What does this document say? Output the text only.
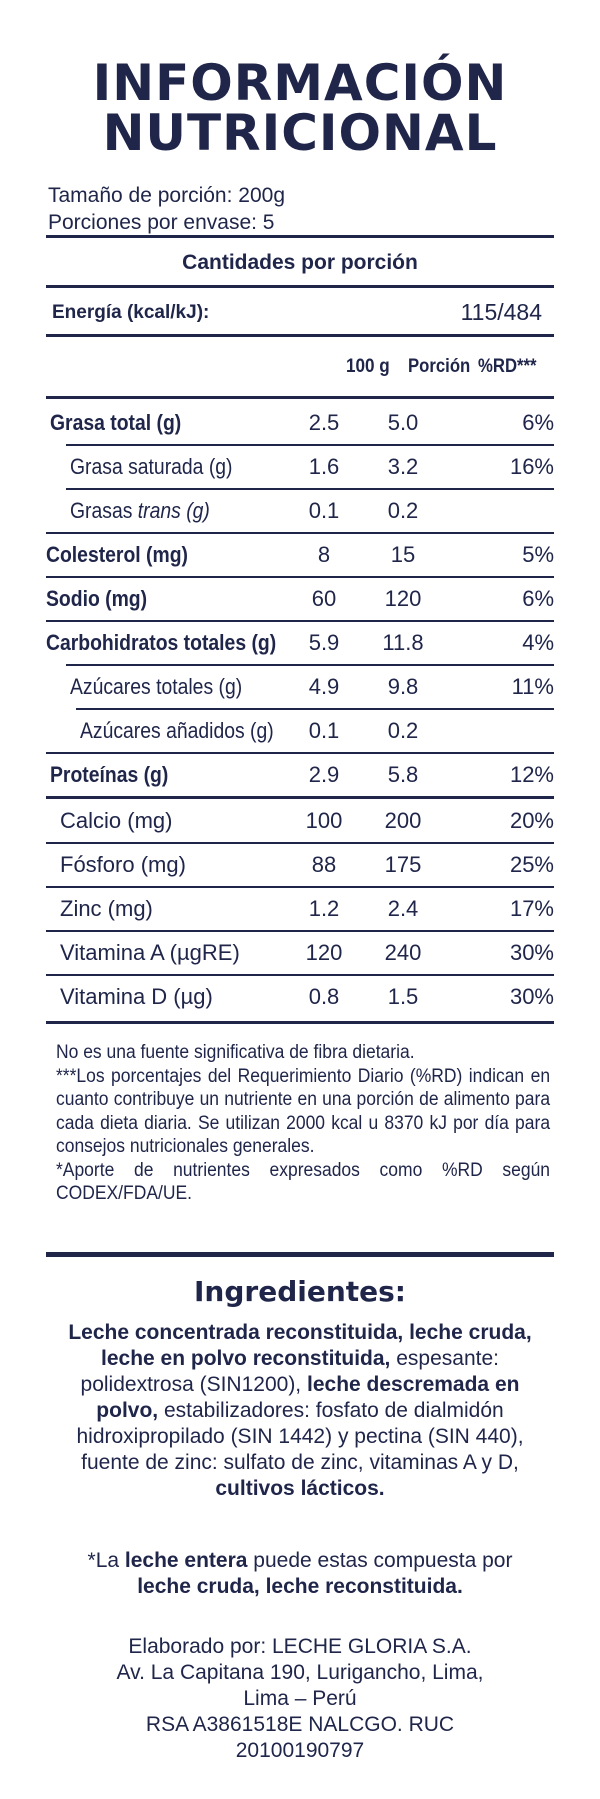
INFORMACIÓN
NUTRICIONAL
Tamaño de porción: 200g
Porciones por envase: 5
Cantidades por porción
Energía (kcal/kJ):	115/484
100 g Porción %RD***
Grasa total (g)	2.5	5.0	6%
Grasa saturada (g)	1.6	3.2	16%
Grasas trans (g)	0.1	0.2
Colesterol (mg)	8	15	5%
Sodio (mg)	60	120	6%
Carbohidratos totales (g)	5.9	11.8	4%
Azúcares totales (g)	4.9	9.8	11%
Azúcares añadidos (g)	0.1	0.2
Proteínas (g)	2.9	5.8	12%
Calcio (mg)	100	200	20%
Fósforo (mg)	88	175	25%
Zinc (mg)	1.2	2.4	17%
Vitamina A (µgRE)	120	240	30%
Vitamina D (µg)	0.8	1.5	30%

No es una fuente significativa de fibra dietaria.

***Los porcentajes del Requerimiento Diario (%RD) indican en cuanto contribuye un nutriente en una porción de alimento para cada dieta diaria. Se utilizan 2000 kcal u 8370 kJ por día para consejos nutricionales generales.

*Aporte de nutrientes expresados como %RD según CODEX/FDA/UE.

Ingredientes:
Leche concentrada reconstituida, leche cruda, leche en polvo reconstituida, espesante: polidextrosa (SIN1200), leche descremada en polvo, estabilizadores: fosfato de dialmidón hidroxipropilado (SIN 1442) y pectina (SIN 440), fuente de zinc: sulfato de zinc, vitaminas A y D, cultivos lácticos.
*La leche entera puede estas compuesta por
leche cruda, leche reconstituida.
Elaborado por: LECHE GLORIA S.A.
Av. La Capitana 190, Lurigancho, Lima,
Lima – Perú
RSA A3861518E NALCGO. RUC
20100190797
